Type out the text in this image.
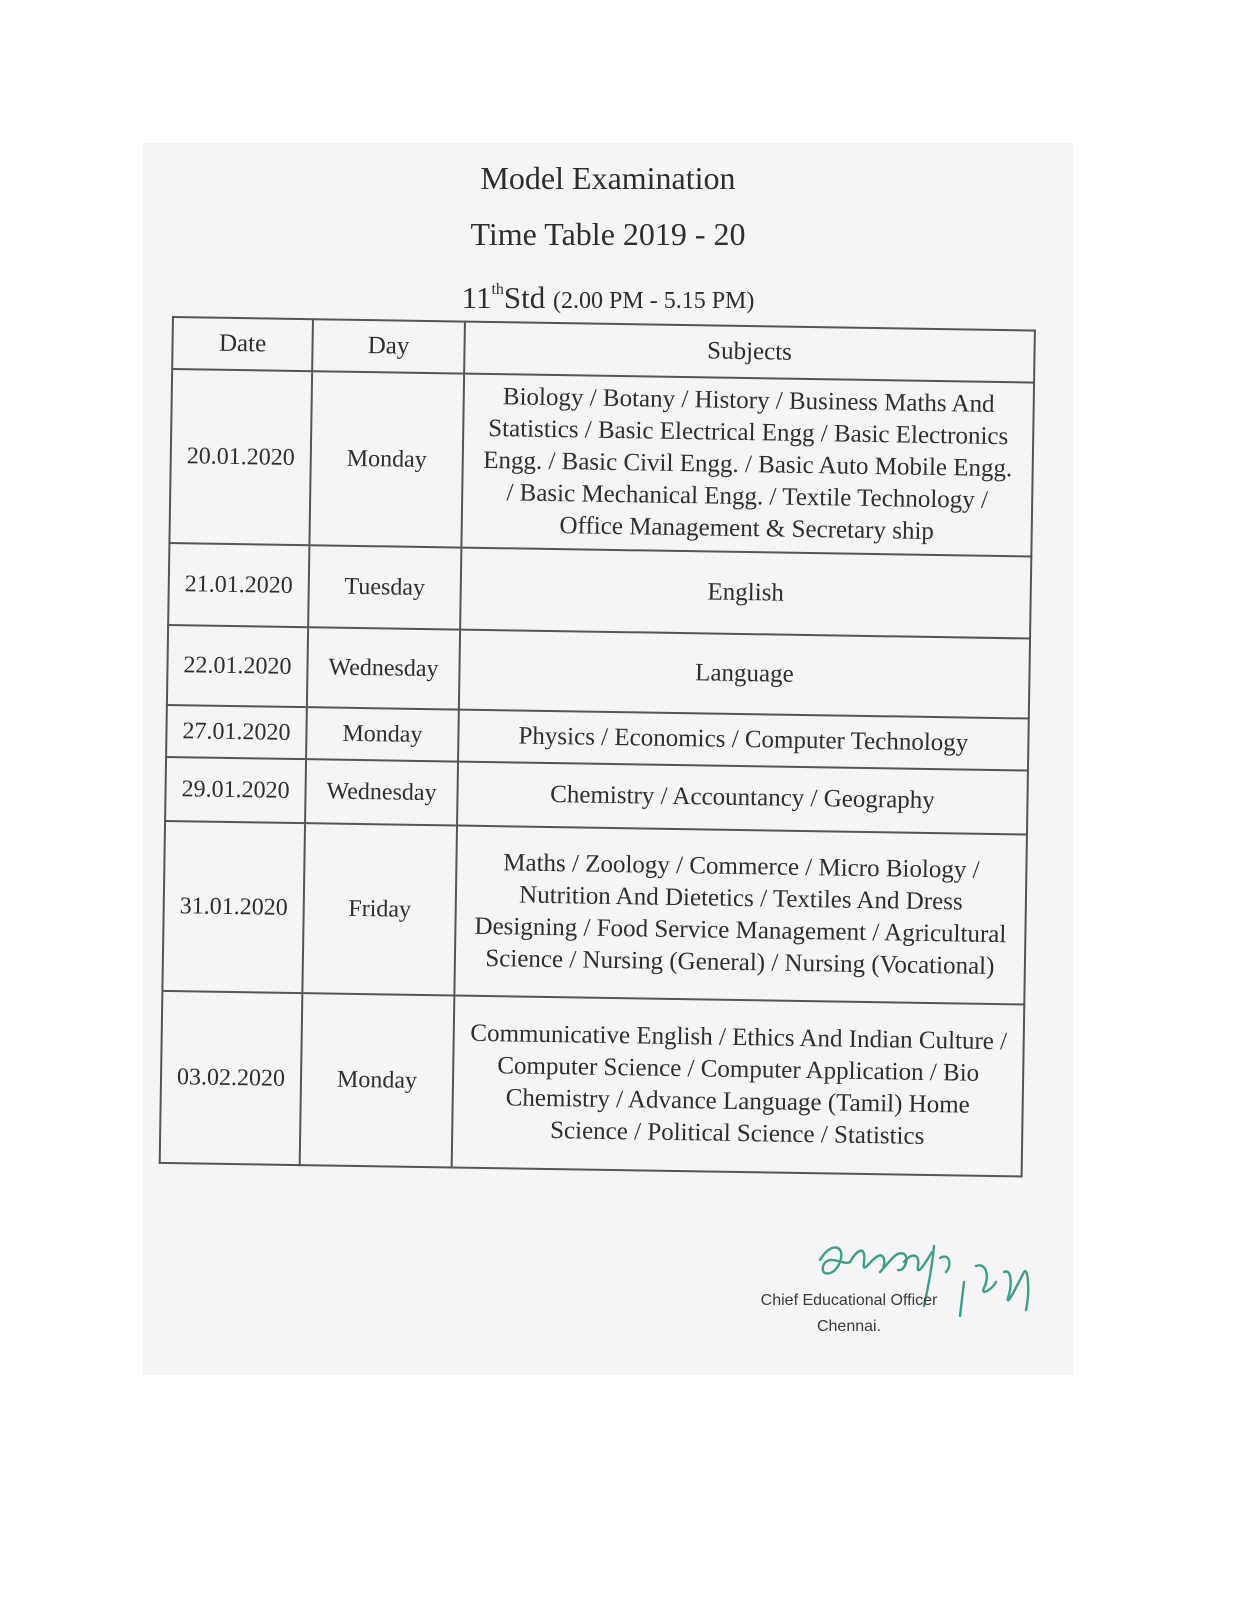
Model Examination
Time Table 2019 - 20
11thStd (2.00 PM - 5.15 PM)
Date	Day	Subjects
20.01.2020	Monday	Biology / Botany / History / Business Maths And Statistics / Basic Electrical Engg / Basic Electronics Engg. / Basic Civil Engg. / Basic Auto Mobile Engg. / Basic Mechanical Engg. / Textile Technology / Office Management & Secretary ship
21.01.2020	Tuesday	English
22.01.2020	Wednesday	Language
27.01.2020	Monday	Physics / Economics / Computer Technology
29.01.2020	Wednesday	Chemistry / Accountancy / Geography
31.01.2020	Friday	Maths / Zoology / Commerce / Micro Biology / Nutrition And Dietetics / Textiles And Dress Designing / Food Service Management / Agricultural Science / Nursing (General) / Nursing (Vocational)
03.02.2020	Monday	Communicative English / Ethics And Indian Culture / Computer Science / Computer Application / Bio Chemistry / Advance Language (Tamil) Home Science / Political Science / Statistics
Chief Educational Officer
Chennai.
